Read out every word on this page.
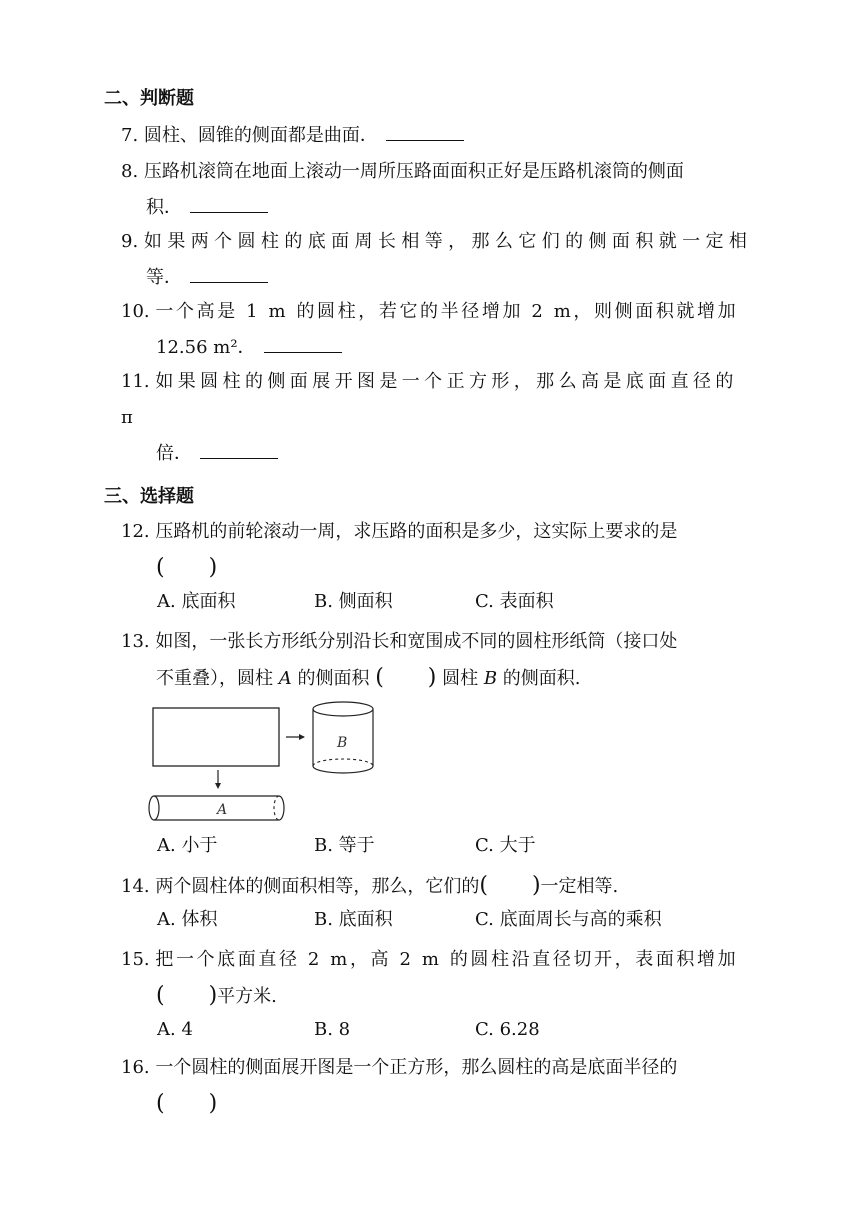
二、判断题
7. 圆柱、圆锥的侧面都是曲面．
8. 压路机滚筒在地面上滚动一周所压路面面积正好是压路机滚筒的侧面
积．
9. 如果两个圆柱的底面周长相等，那么它们的侧面积就一定相
等．
10. 一个高是 1 m 的圆柱，若它的半径增加 2 m，则侧面积就增加
12.56 m²．
11. 如果圆柱的侧面展开图是一个正方形，那么高是底面直径的 π
倍．
三、选择题
12. 压路机的前轮滚动一周，求压路的面积是多少，这实际上要求的是
(　　)
A. 底面积	B. 侧面积	C. 表面积
13. 如图，一张长方形纸分别沿长和宽围成不同的圆柱形纸筒（接口处
不重叠），圆柱 A 的侧面积 (　　) 圆柱 B 的侧面积.
B
A
A. 小于	B. 等于	C. 大于
14. 两个圆柱体的侧面积相等，那么，它们的(　　)一定相等.
A. 体积	B. 底面积	C. 底面周长与高的乘积
15. 把一个底面直径 2 m，高 2 m 的圆柱沿直径切开，表面积增加
(　　)平方米.
A. 4	B. 8	C. 6.28
16. 一个圆柱的侧面展开图是一个正方形，那么圆柱的高是底面半径的
(　　)
